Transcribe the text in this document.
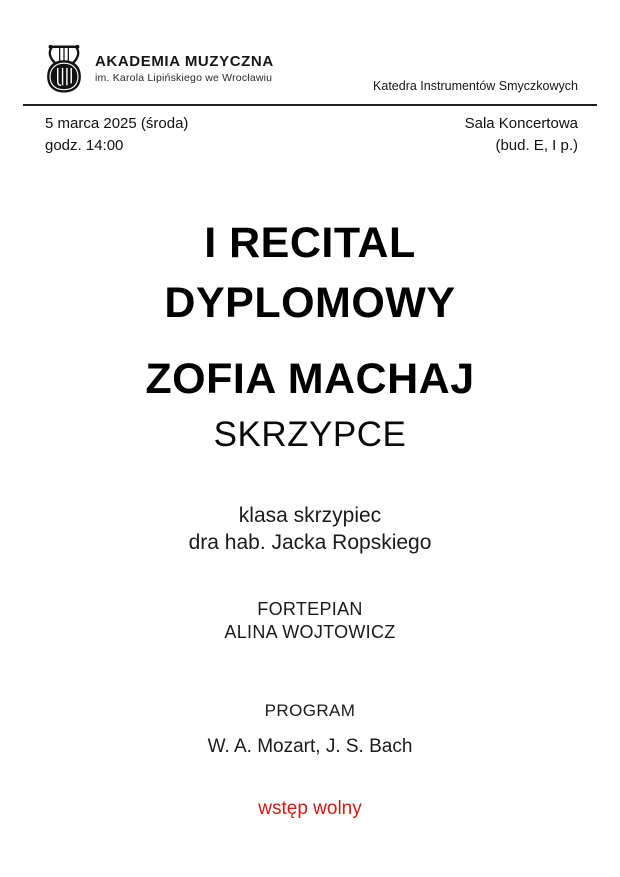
AKADEMIA MUZYCZNA
im. Karola Lipińskiego we Wrocławiu
Katedra Instrumentów Smyczkowych
5 marca 2025 (środa)
godz. 14:00
Sala Koncertowa
(bud. E, I p.)
I RECITAL
DYPLOMOWY
ZOFIA MACHAJ
SKRZYPCE
klasa skrzypiec
dra hab. Jacka Ropskiego
FORTEPIAN
ALINA WOJTOWICZ
PROGRAM
W. A. Mozart, J. S. Bach
wstęp wolny
